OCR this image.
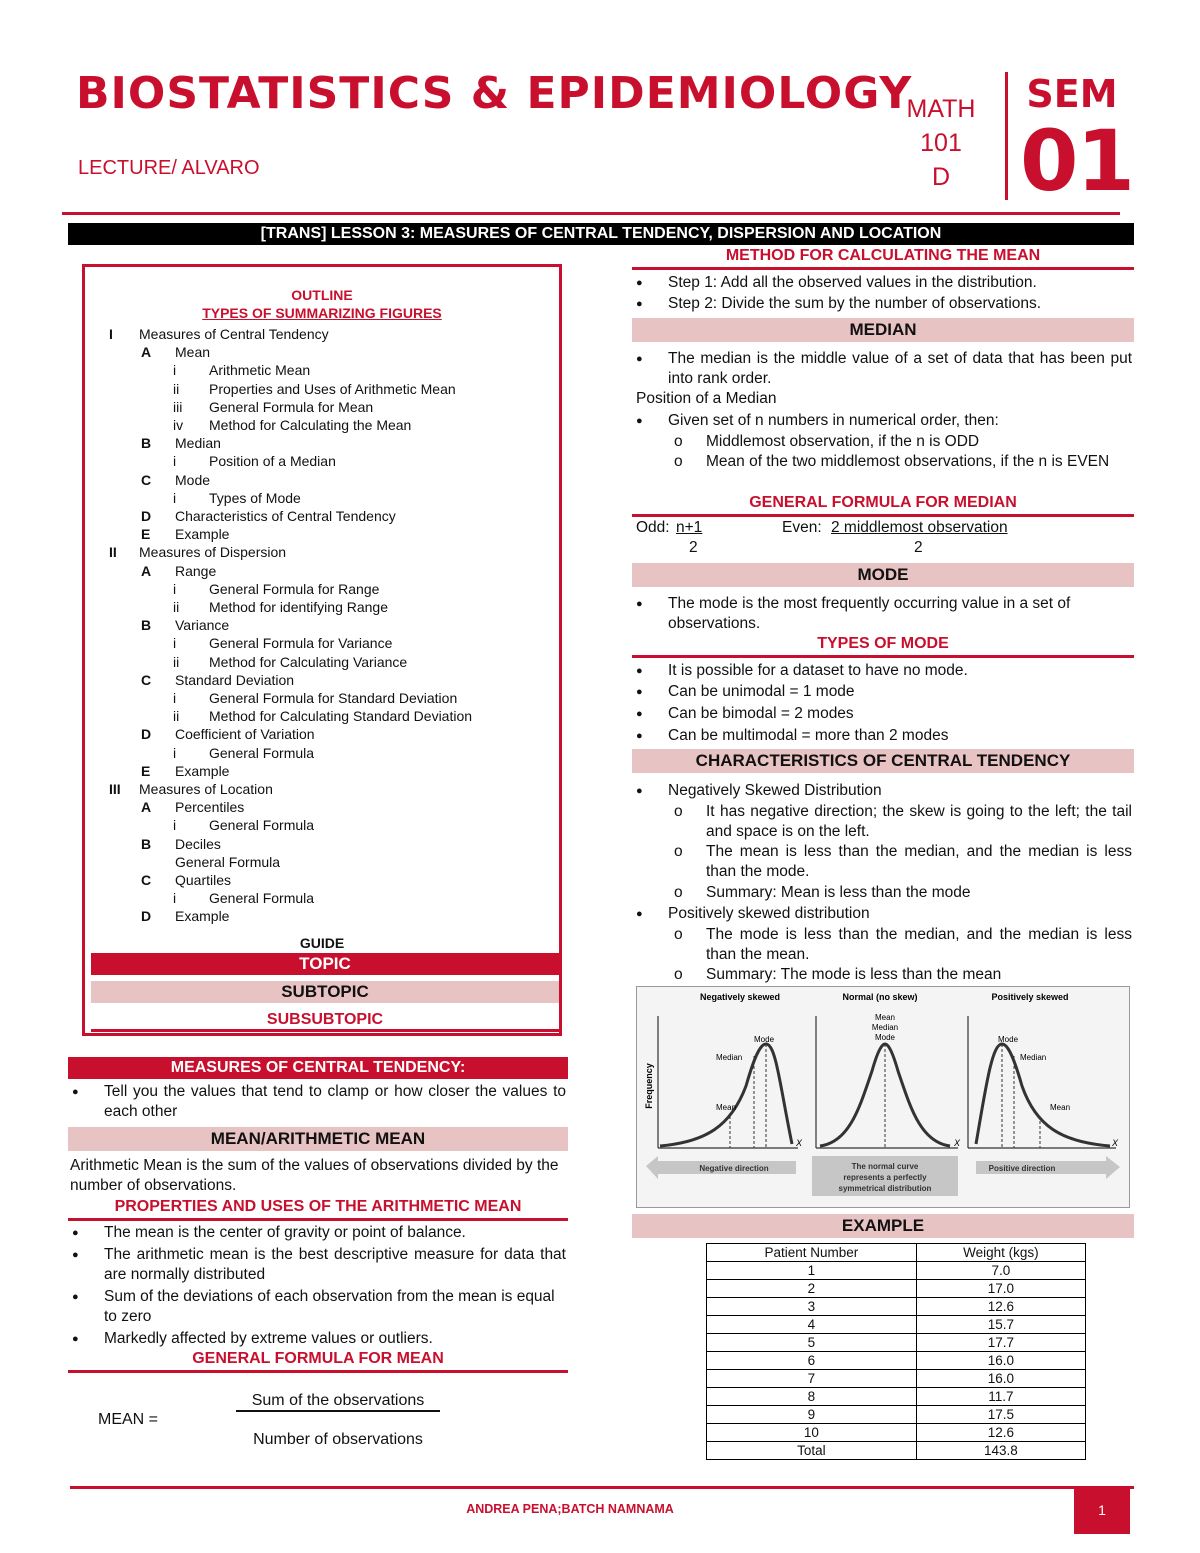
BIOSTATISTICS & EPIDEMIOLOGY
LECTURE/ ALVARO
MATH
101
D
SEM
01
[TRANS] LESSON 3: MEASURES OF CENTRAL TENDENCY, DISPERSION AND LOCATION
OUTLINE
TYPES OF SUMMARIZING FIGURES
I Measures of Central Tendency
A Mean
i Arithmetic Mean
ii Properties and Uses of Arithmetic Mean
iii General Formula for Mean
iv Method for Calculating the Mean
B Median
i Position of a Median
C Mode
i Types of Mode
D Characteristics of Central Tendency
E Example
II Measures of Dispersion
A Range
i General Formula for Range
ii Method for identifying Range
B Variance
i General Formula for Variance
ii Method for Calculating Variance
C Standard Deviation
i General Formula for Standard Deviation
ii Method for Calculating Standard Deviation
D Coefficient of Variation
i General Formula
E Example
III Measures of Location
A Percentiles
i General Formula
B Deciles
General Formula
C Quartiles
i General Formula
D Example
GUIDE
TOPIC
SUBTOPIC
SUBSUBTOPIC
MEASURES OF CENTRAL TENDENCY:
● Tell you the values that tend to clamp or how closer the values to each other
MEAN/ARITHMETIC MEAN
Arithmetic Mean is the sum of the values of observations divided by the number of observations.
PROPERTIES AND USES OF THE ARITHMETIC MEAN
● The mean is the center of gravity or point of balance.
● The arithmetic mean is the best descriptive measure for data that are normally distributed
● Sum of the deviations of each observation from the mean is equal to zero
● Markedly affected by extreme values or outliers.
GENERAL FORMULA FOR MEAN
Sum of the observations
MEAN =
Number of observations
METHOD FOR CALCULATING THE MEAN
● Step 1: Add all the observed values in the distribution.
● Step 2: Divide the sum by the number of observations.
MEDIAN
● The median is the middle value of a set of data that has been put into rank order.
Position of a Median
● Given set of n numbers in numerical order, then:
o Middlemost observation, if the n is ODD
o Mean of the two middlemost observations, if the n is EVEN
GENERAL FORMULA FOR MEDIAN
Odd: n+1
2
Even: 2 middlemost observation
2
MODE
● The mode is the most frequently occurring value in a set of observations.
TYPES OF MODE
● It is possible for a dataset to have no mode.
● Can be unimodal = 1 mode
● Can be bimodal = 2 modes
● Can be multimodal = more than 2 modes
CHARACTERISTICS OF CENTRAL TENDENCY
● Negatively Skewed Distribution
o It has negative direction; the skew is going to the left; the tail and space is on the left.
o The mean is less than the median, and the median is less than the mode.
o Summary: Mean is less than the mode
● Positively skewed distribution
o The mode is less than the median, and the median is less than the mean.
o Summary: The mode is less than the mean
Negatively skewed	Normal (no skew)	Positively skewed
Frequency	Mean
Median
Mode
X
Mean
Median
Mode
X
Mode
Median
Mean
X
Negative direction	The normal curve
represents a perfectly
symmetrical distribution
Positive direction
EXAMPLE
Patient Number	Weight (kgs)
1	7.0
2	17.0
3	12.6
4	15.7
5	17.7
6	16.0
7	16.0
8	11.7
9	17.5
10	12.6
Total	143.8
ANDREA PENA;BATCH NAMNAMA	1
